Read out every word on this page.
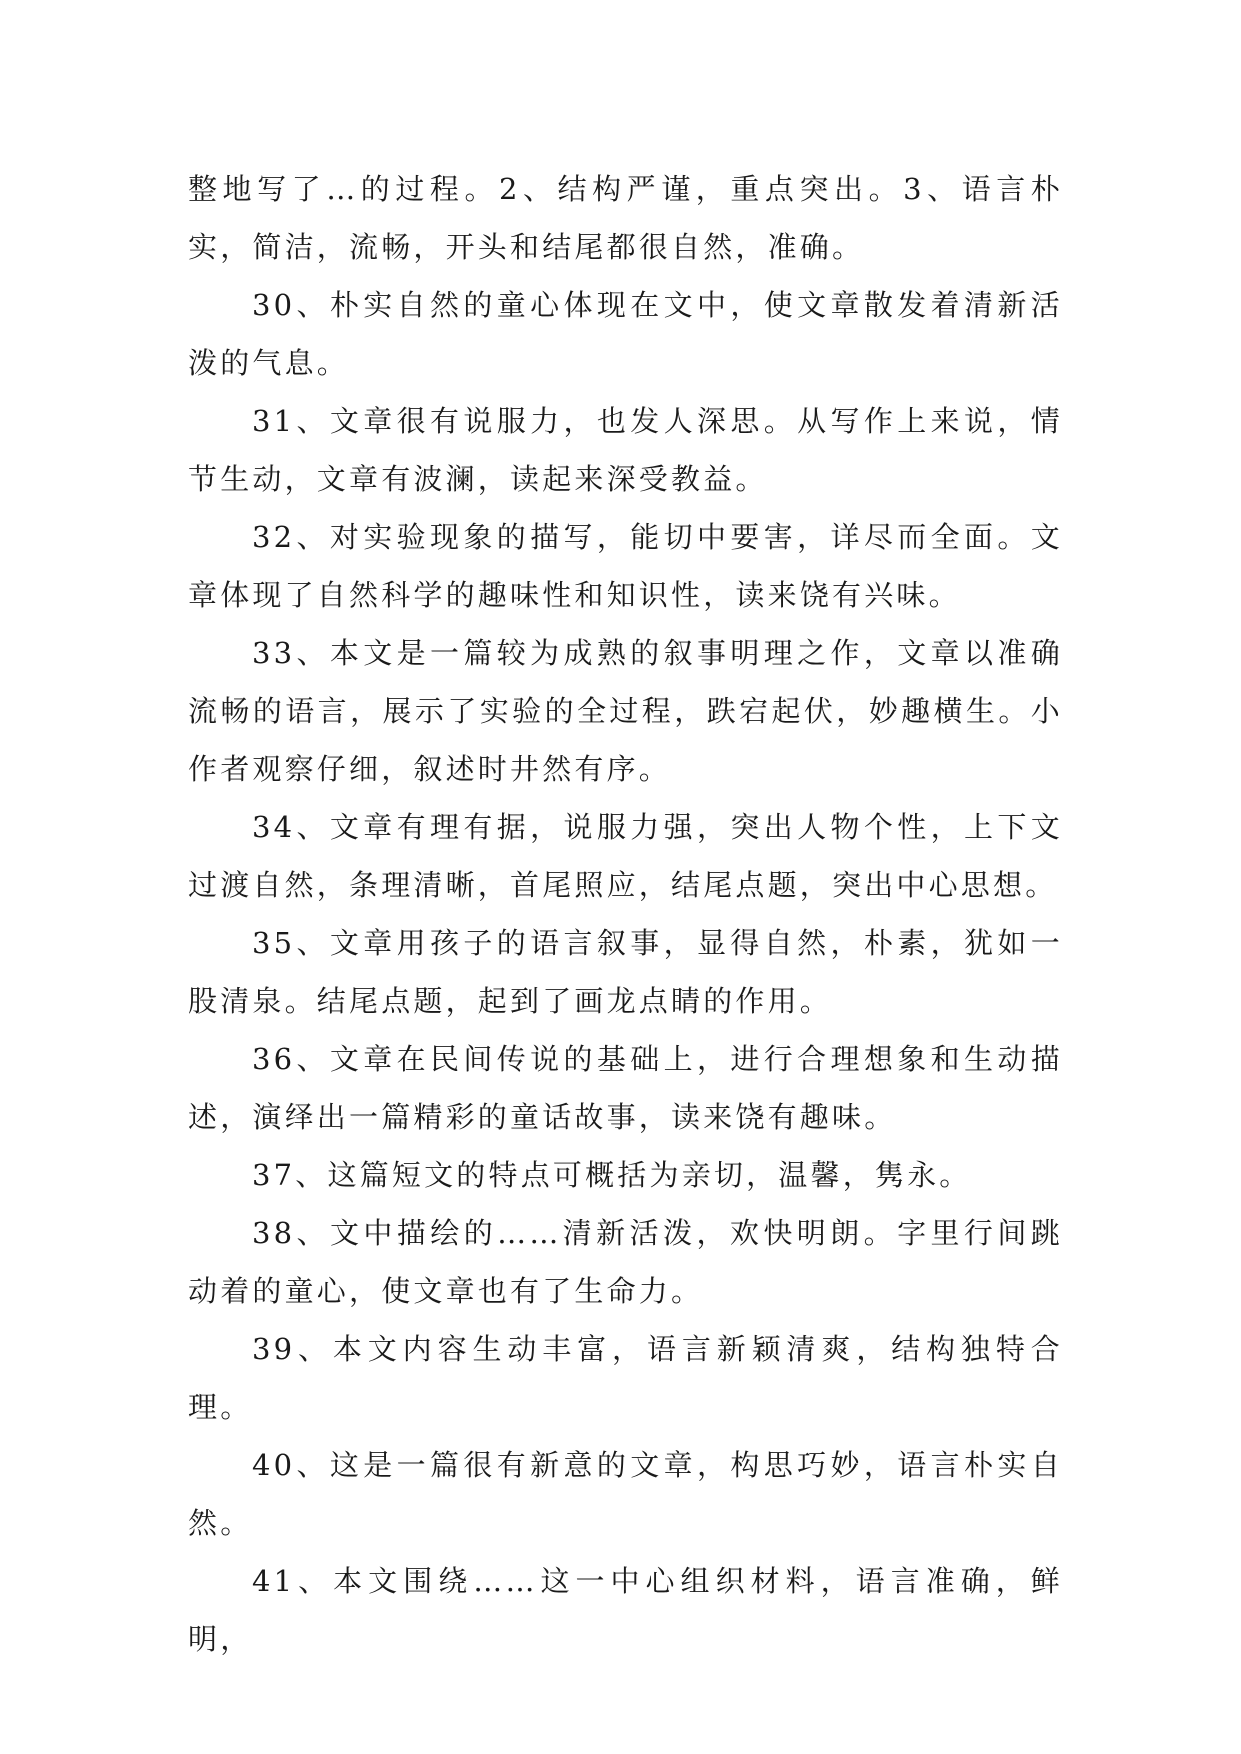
整地写了…的过程。2、结构严谨，重点突出。3、语言朴实，简洁，流畅，开头和结尾都很自然，准确。

30、朴实自然的童心体现在文中，使文章散发着清新活泼的气息。

31、文章很有说服力，也发人深思。从写作上来说，情节生动，文章有波澜，读起来深受教益。

32、对实验现象的描写，能切中要害，详尽而全面。文章体现了自然科学的趣味性和知识性，读来饶有兴味。

33、本文是一篇较为成熟的叙事明理之作，文章以准确流畅的语言，展示了实验的全过程，跌宕起伏，妙趣横生。小作者观察仔细，叙述时井然有序。

34、文章有理有据，说服力强，突出人物个性，上下文过渡自然，条理清晰，首尾照应，结尾点题，突出中心思想。

35、文章用孩子的语言叙事，显得自然，朴素，犹如一股清泉。结尾点题，起到了画龙点睛的作用。

36、文章在民间传说的基础上，进行合理想象和生动描述，演绎出一篇精彩的童话故事，读来饶有趣味。

37、这篇短文的特点可概括为亲切，温馨，隽永。

38、文中描绘的……清新活泼，欢快明朗。字里行间跳动着的童心，使文章也有了生命力。

39、本文内容生动丰富，语言新颖清爽，结构独特合理。

40、这是一篇很有新意的文章，构思巧妙，语言朴实自然。

41、本文围绕……这一中心组织材料，语言准确，鲜明，
